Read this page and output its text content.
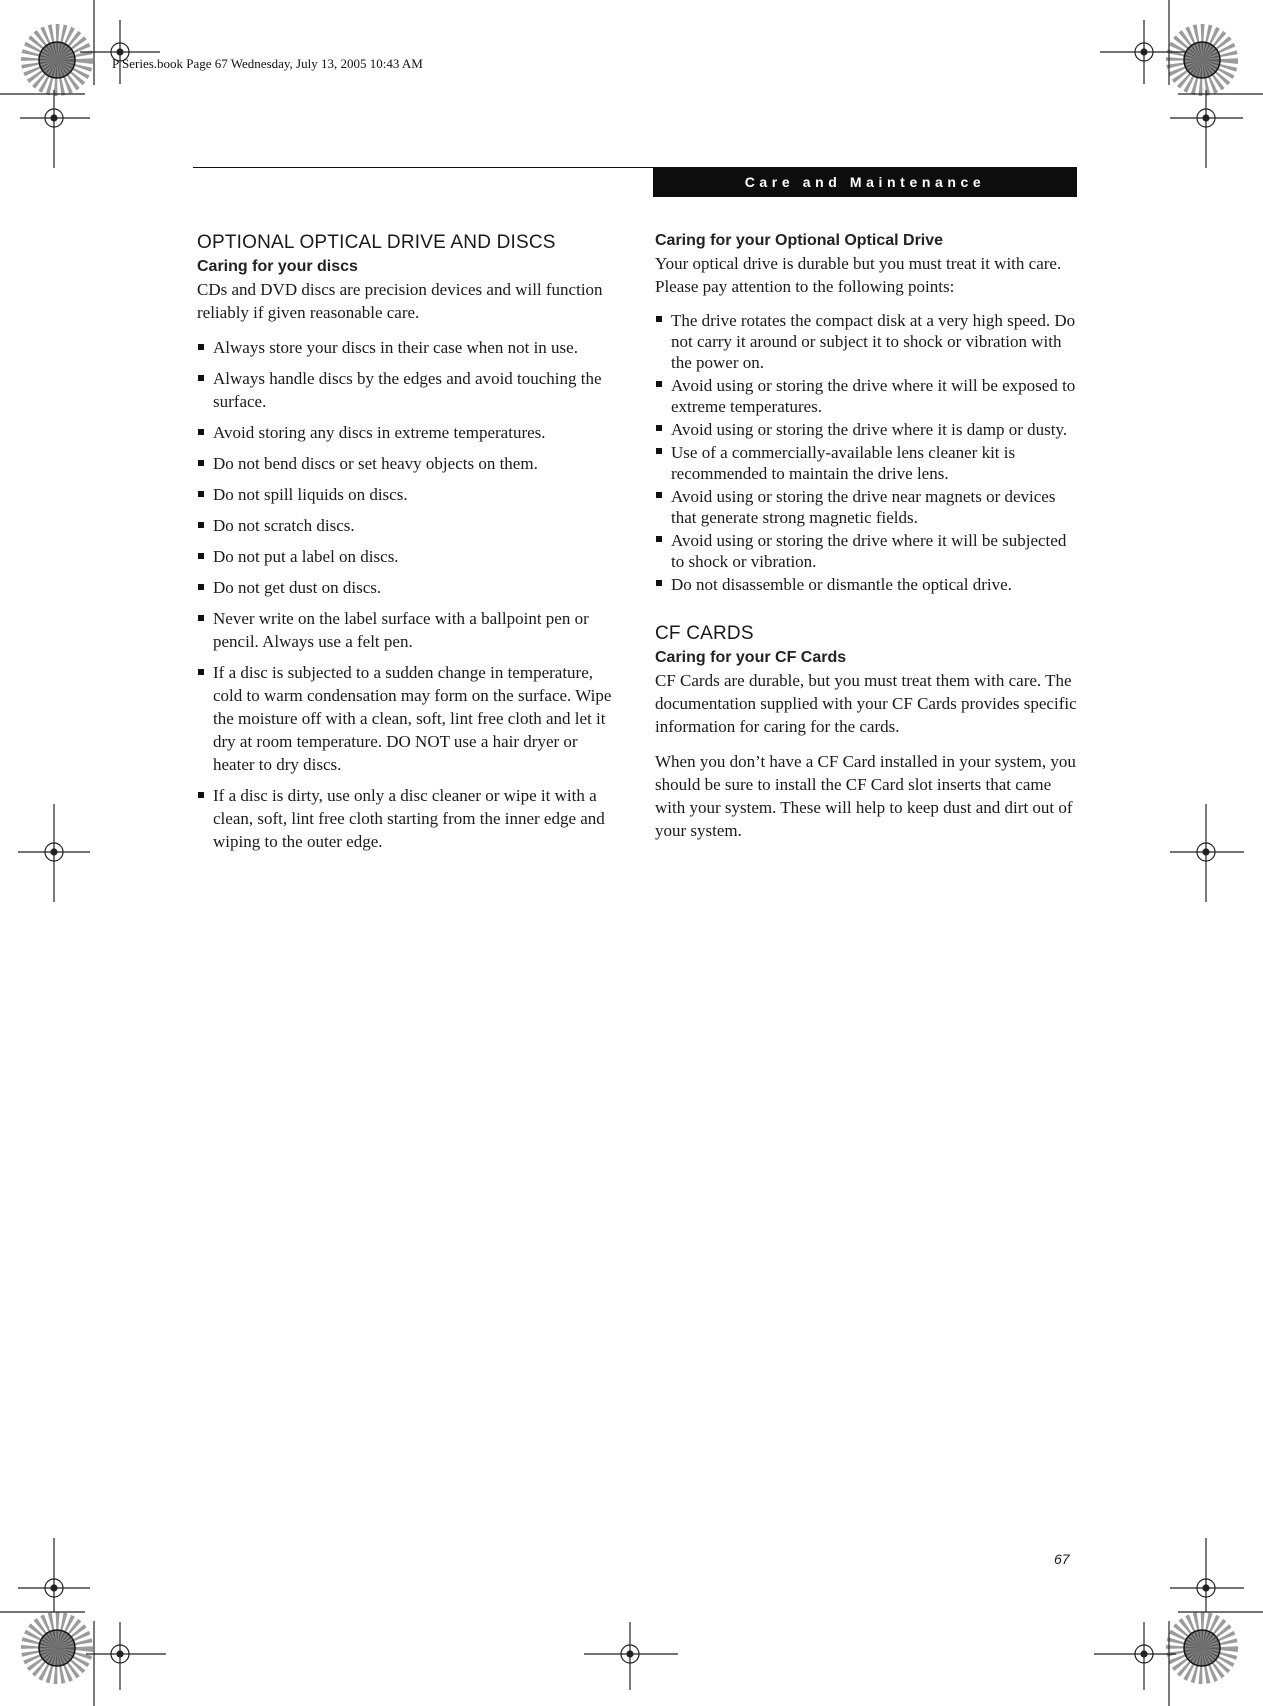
P Series.book Page 67 Wednesday, July 13, 2005 10:43 AM
Care and Maintenance
OPTIONAL OPTICAL DRIVE AND DISCS
Caring for your discs

CDs and DVD discs are precision devices and will function reliably if given reasonable care.

Always store your discs in their case when not in use.
Always handle discs by the edges and avoid touching the surface.
Avoid storing any discs in extreme temperatures.
Do not bend discs or set heavy objects on them.
Do not spill liquids on discs.
Do not scratch discs.
Do not put a label on discs.
Do not get dust on discs.
Never write on the label surface with a ballpoint pen or pencil. Always use a felt pen.
If a disc is subjected to a sudden change in temperature, cold to warm condensation may form on the surface. Wipe the moisture off with a clean, soft, lint free cloth and let it dry at room temperature. DO NOT use a hair dryer or heater to dry discs.
If a disc is dirty, use only a disc cleaner or wipe it with a clean, soft, lint free cloth starting from the inner edge and wiping to the outer edge.
Caring for your Optional Optical Drive

Your optical drive is durable but you must treat it with care. Please pay attention to the following points:

The drive rotates the compact disk at a very high speed. Do not carry it around or subject it to shock or vibration with the power on.
Avoid using or storing the drive where it will be exposed to extreme temperatures.
Avoid using or storing the drive where it is damp or dusty.
Use of a commercially-available lens cleaner kit is recommended to maintain the drive lens.
Avoid using or storing the drive near magnets or devices that generate strong magnetic fields.
Avoid using or storing the drive where it will be subjected to shock or vibration.
Do not disassemble or dismantle the optical drive.
CF CARDS
Caring for your CF Cards

CF Cards are durable, but you must treat them with care. The documentation supplied with your CF Cards provides specific information for caring for the cards.

When you don’t have a CF Card installed in your system, you should be sure to install the CF Card slot inserts that came with your system. These will help to keep dust and dirt out of your system.

67
